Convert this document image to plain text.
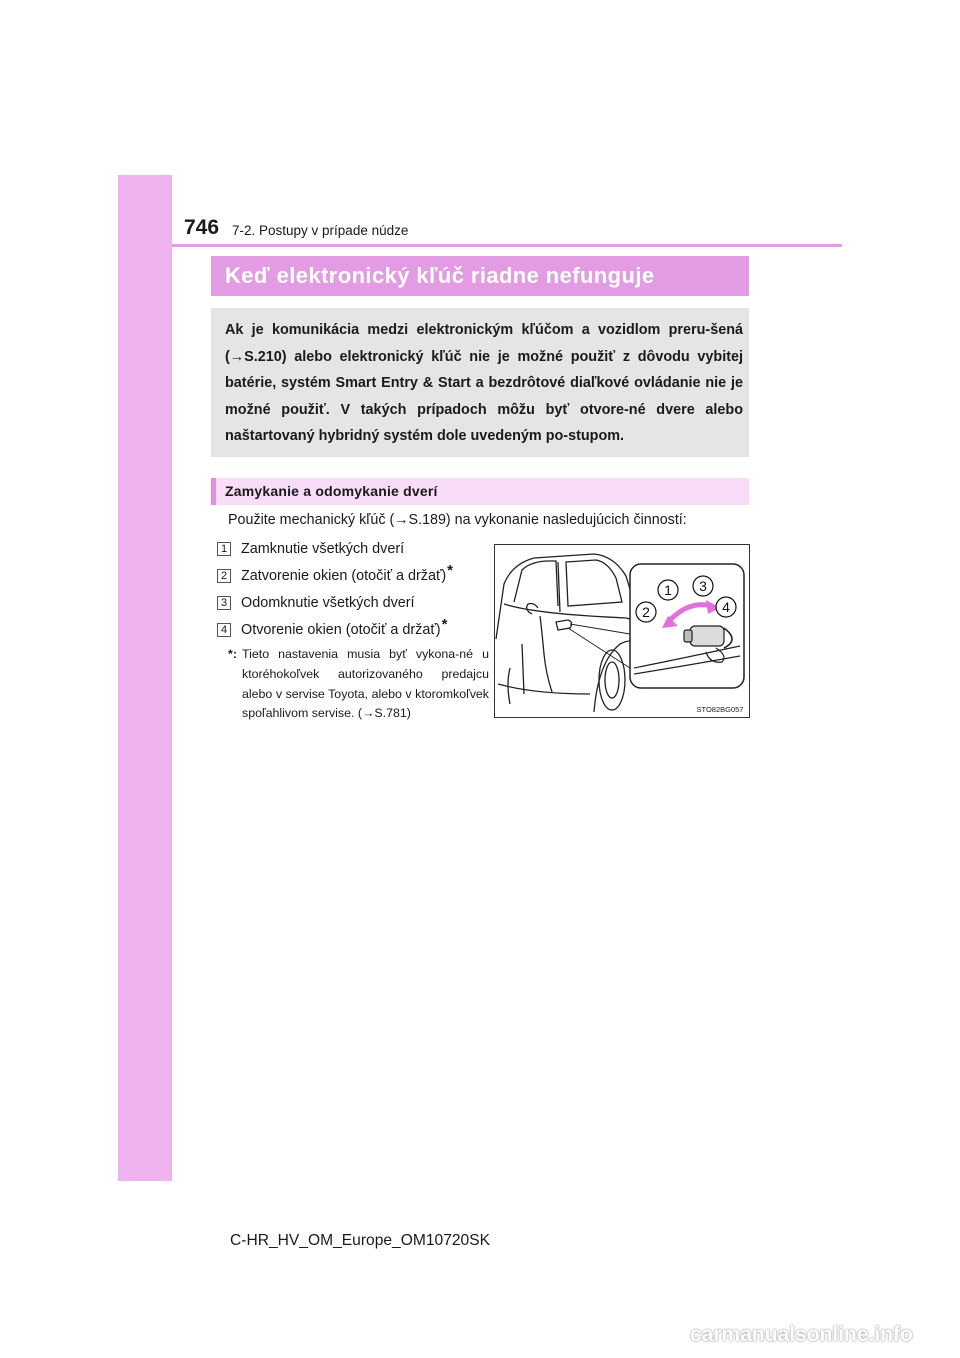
746 7-2. Postupy v prípade núdze
Keď elektronický kľúč riadne nefunguje

Ak je komunikácia medzi elektronickým kľúčom a vozidlom preru-šená (→S.210) alebo elektronický kľúč nie je možné použiť z dôvodu vybitej batérie, systém Smart Entry & Start a bezdrôtové diaľkové ovládanie nie je možné použiť. V takých prípadoch môžu byť otvore-né dvere alebo naštartovaný hybridný systém dole uvedeným po-stupom.

Zamykanie a odomykanie dverí
Použite mechanický kľúč (→S.189) na vykonanie nasledujúcich činností:
1 Zamknutie všetkých dverí
2 Zatvorenie okien (otočiť a držať) *
3 Odomknutie všetkých dverí
4 Otvorenie okien (otočiť a držať) *
*: Tieto nastavenia musia byť vykona-né u ktoréhokoľvek autorizovaného predajcu alebo v servise Toyota, alebo v ktoromkoľvek spoľahlivom servise. (→S.781)
1
2
3
4
STO82BG057
C-HR_HV_OM_Europe_OM10720SK
carmanualsonline.info
